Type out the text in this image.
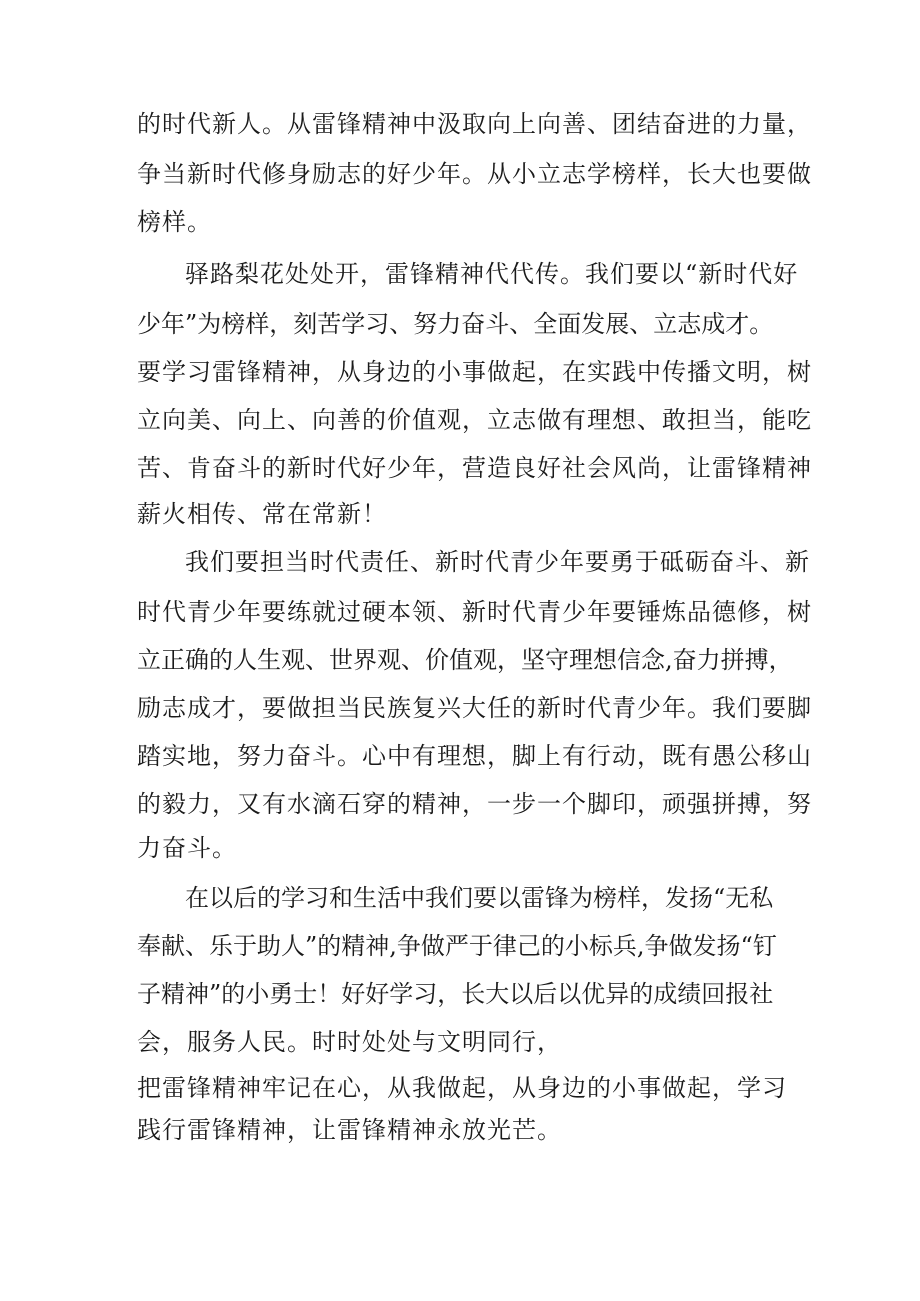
的时代新人。从雷锋精神中汲取向上向善、团结奋进的力量，

争当新时代修身励志的好少年。从小立志学榜样，长大也要做

榜样。

驿路梨花处处开，雷锋精神代代传。我们要以“新时代好

少年”为榜样，刻苦学习、努力奋斗、全面发展、立志成才。

要学习雷锋精神，从身边的小事做起，在实践中传播文明，树

立向美、向上、向善的价值观，立志做有理想、敢担当，能吃

苦、肯奋斗的新时代好少年，营造良好社会风尚，让雷锋精神

薪火相传、常在常新！

我们要担当时代责任、新时代青少年要勇于砥砺奋斗、新

时代青少年要练就过硬本领、新时代青少年要锤炼品德修，树

立正确的人生观、世界观、价值观，坚守理想信念,奋力拼搏，

励志成才，要做担当民族复兴大任的新时代青少年。我们要脚

踏实地，努力奋斗。心中有理想，脚上有行动，既有愚公移山

的毅力，又有水滴石穿的精神，一步一个脚印，顽强拼搏，努

力奋斗。

在以后的学习和生活中我们要以雷锋为榜样，发扬“无私

奉献、乐于助人”的精神,争做严于律己的小标兵,争做发扬“钉

子精神”的小勇士！好好学习，长大以后以优异的成绩回报社

会，服务人民。时时处处与文明同行，

把雷锋精神牢记在心，从我做起，从身边的小事做起，学习

践行雷锋精神，让雷锋精神永放光芒。
